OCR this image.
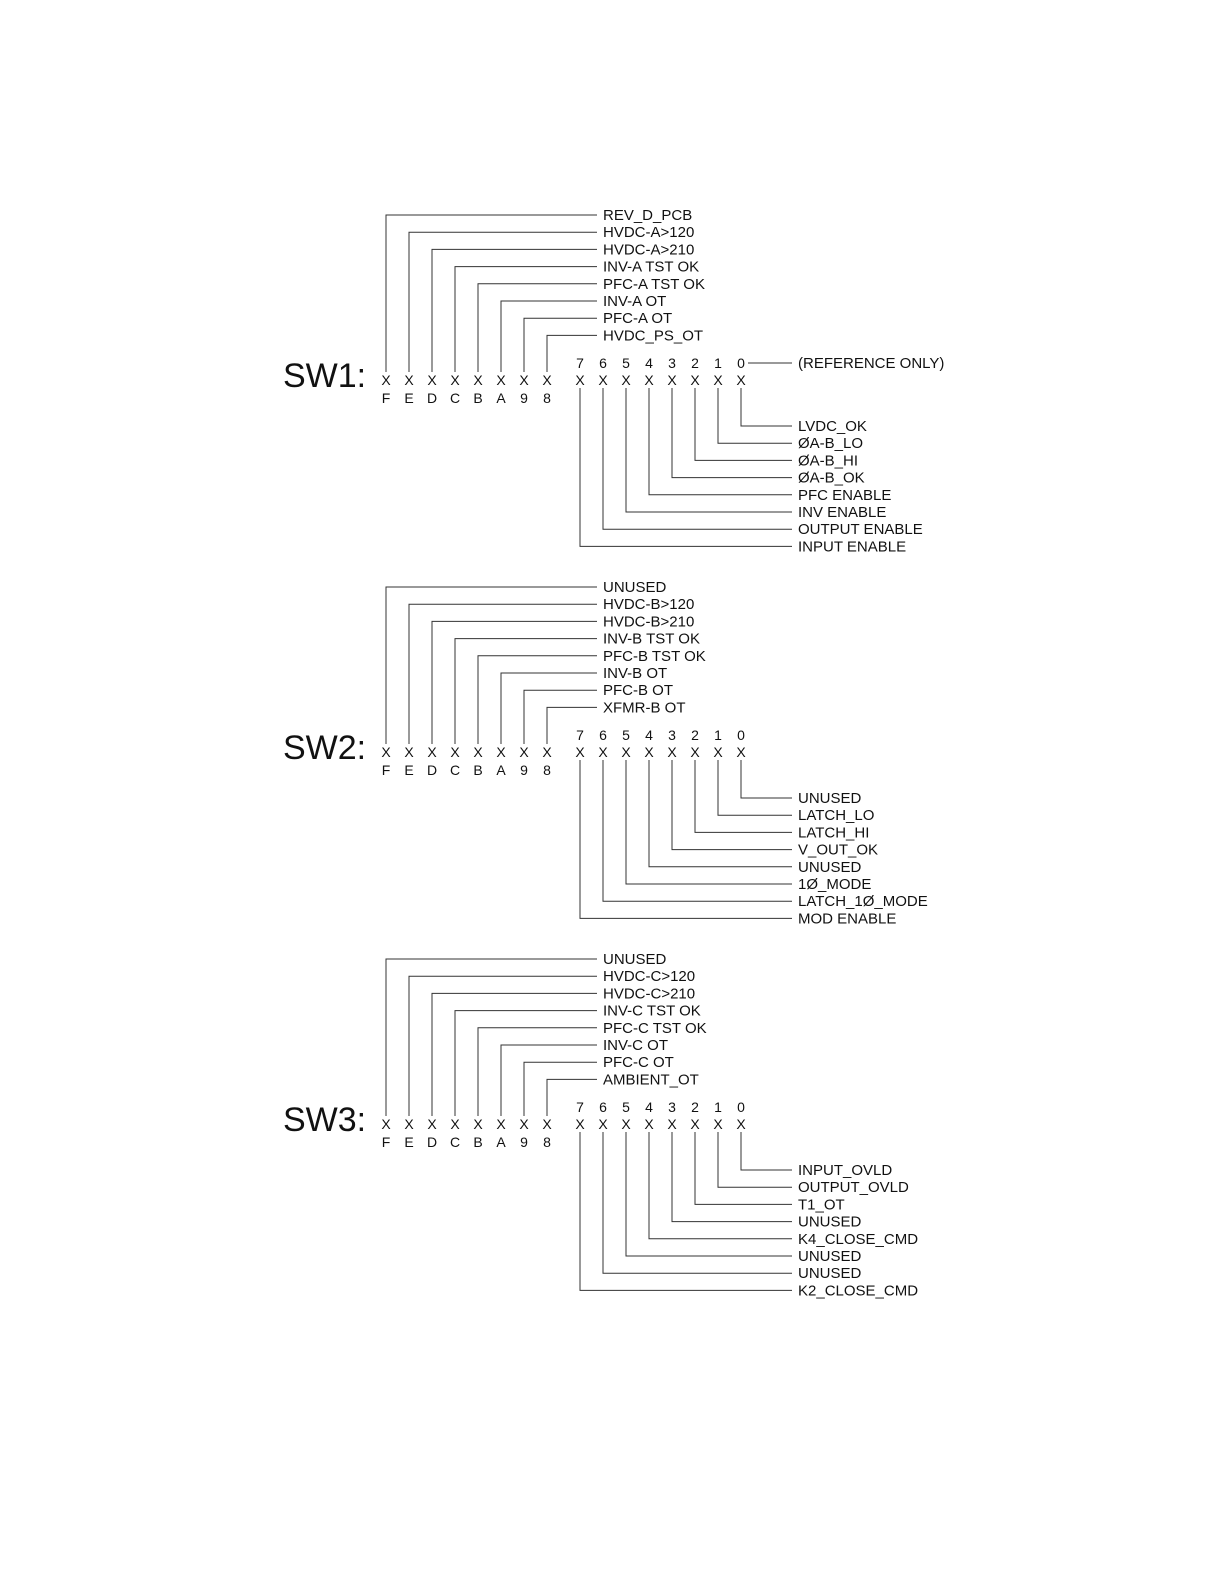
SW1: X X X X X X X X X X X X X X X X
F E D C B A 9 8
7 6 5 4 3 2 1 0
REV_D_PCB
HVDC-A>120
HVDC-A>210
INV-A TST OK
PFC-A TST OK
INV-A OT
PFC-A OT
HVDC_PS_OT
(REFERENCE ONLY)
LVDC_OK
ØA-B_LO
ØA-B_HI
ØA-B_OK
PFC ENABLE
INV ENABLE
OUTPUT ENABLE
INPUT ENABLE
SW2: X X X X X X X X X X X X X X X X
F E D C B A 9 8
7 6 5 4 3 2 1 0
UNUSED
HVDC-B>120
HVDC-B>210
INV-B TST OK
PFC-B TST OK
INV-B OT
PFC-B OT
XFMR-B OT
UNUSED
LATCH_LO
LATCH_HI
V_OUT_OK
UNUSED
1Ø_MODE
LATCH_1Ø_MODE
MOD ENABLE
SW3: X X X X X X X X X X X X X X X X
F E D C B A 9 8
7 6 5 4 3 2 1 0
UNUSED
HVDC-C>120
HVDC-C>210
INV-C TST OK
PFC-C TST OK
INV-C OT
PFC-C OT
AMBIENT_OT
INPUT_OVLD
OUTPUT_OVLD
T1_OT
UNUSED
K4_CLOSE_CMD
UNUSED
UNUSED
K2_CLOSE_CMD
